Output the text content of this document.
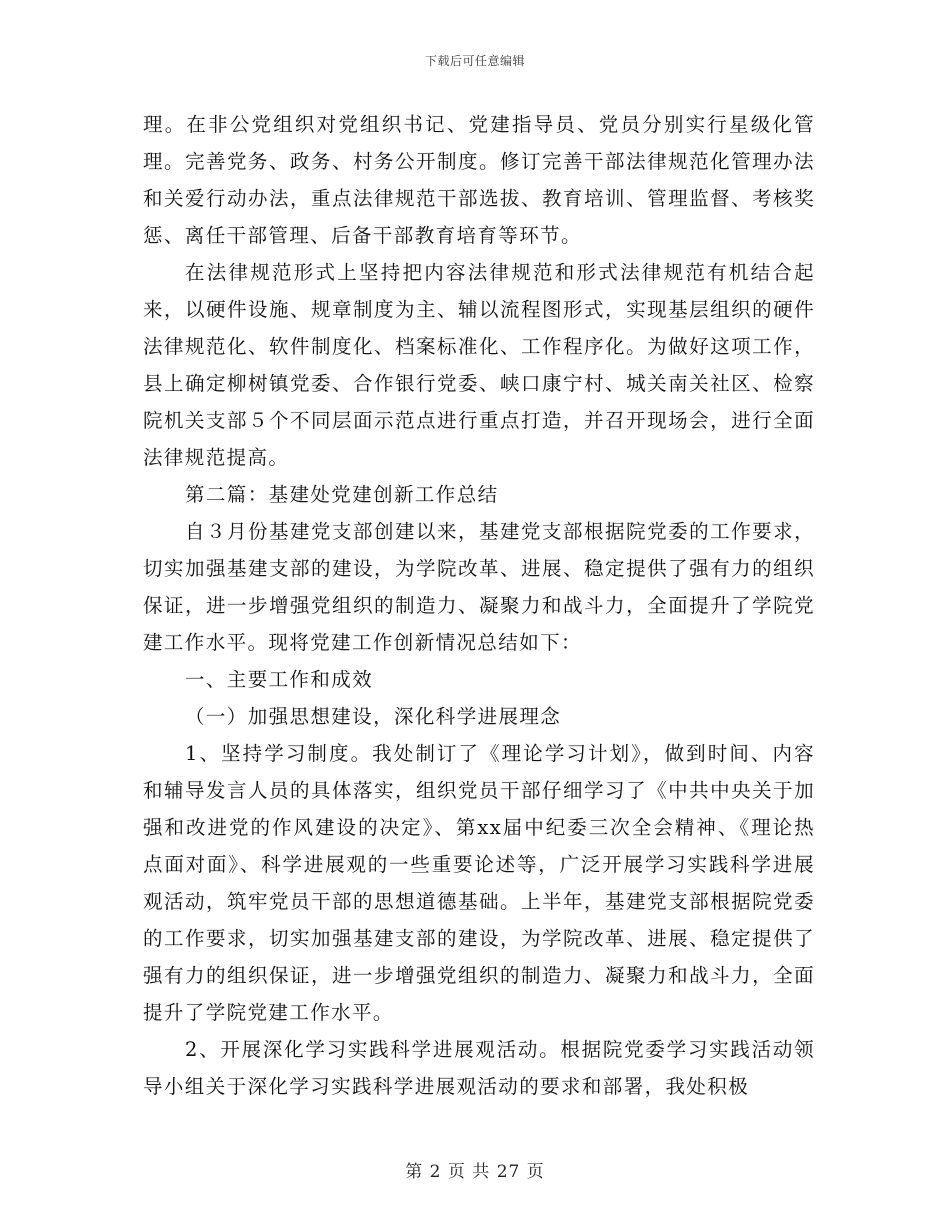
下载后可任意编辑

理。在非公党组织对党组织书记、党建指导员、党员分别实行星级化管理。完善党务、政务、村务公开制度。修订完善干部法律规范化管理办法和关爱行动办法，重点法律规范干部选拔、教育培训、管理监督、考核奖惩、离任干部管理、后备干部教育培育等环节。

在法律规范形式上坚持把内容法律规范和形式法律规范有机结合起来，以硬件设施、规章制度为主、辅以流程图形式，实现基层组织的硬件法律规范化、软件制度化、档案标准化、工作程序化。为做好这项工作，县上确定柳树镇党委、合作银行党委、峡口康宁村、城关南关社区、检察院机关支部５个不同层面示范点进行重点打造，并召开现场会，进行全面法律规范提高。

第二篇：基建处党建创新工作总结

自３月份基建党支部创建以来，基建党支部根据院党委的工作要求，切实加强基建支部的建设，为学院改革、进展、稳定提供了强有力的组织保证，进一步增强党组织的制造力、凝聚力和战斗力，全面提升了学院党建工作水平。现将党建工作创新情况总结如下：

一、主要工作和成效

（一）加强思想建设，深化科学进展理念

1、坚持学习制度。我处制订了《理论学习计划》，做到时间、内容和辅导发言人员的具体落实，组织党员干部仔细学习了《中共中央关于加强和改进党的作风建设的决定》、第xx届中纪委三次全会精神、《理论热点面对面》、科学进展观的一些重要论述等，广泛开展学习实践科学进展观活动，筑牢党员干部的思想道德基础。上半年，基建党支部根据院党委的工作要求，切实加强基建支部的建设，为学院改革、进展、稳定提供了强有力的组织保证，进一步增强党组织的制造力、凝聚力和战斗力，全面提升了学院党建工作水平。

2、开展深化学习实践科学进展观活动。根据院党委学习实践活动领导小组关于深化学习实践科学进展观活动的要求和部署，我处积极

第 2 页 共 27 页
